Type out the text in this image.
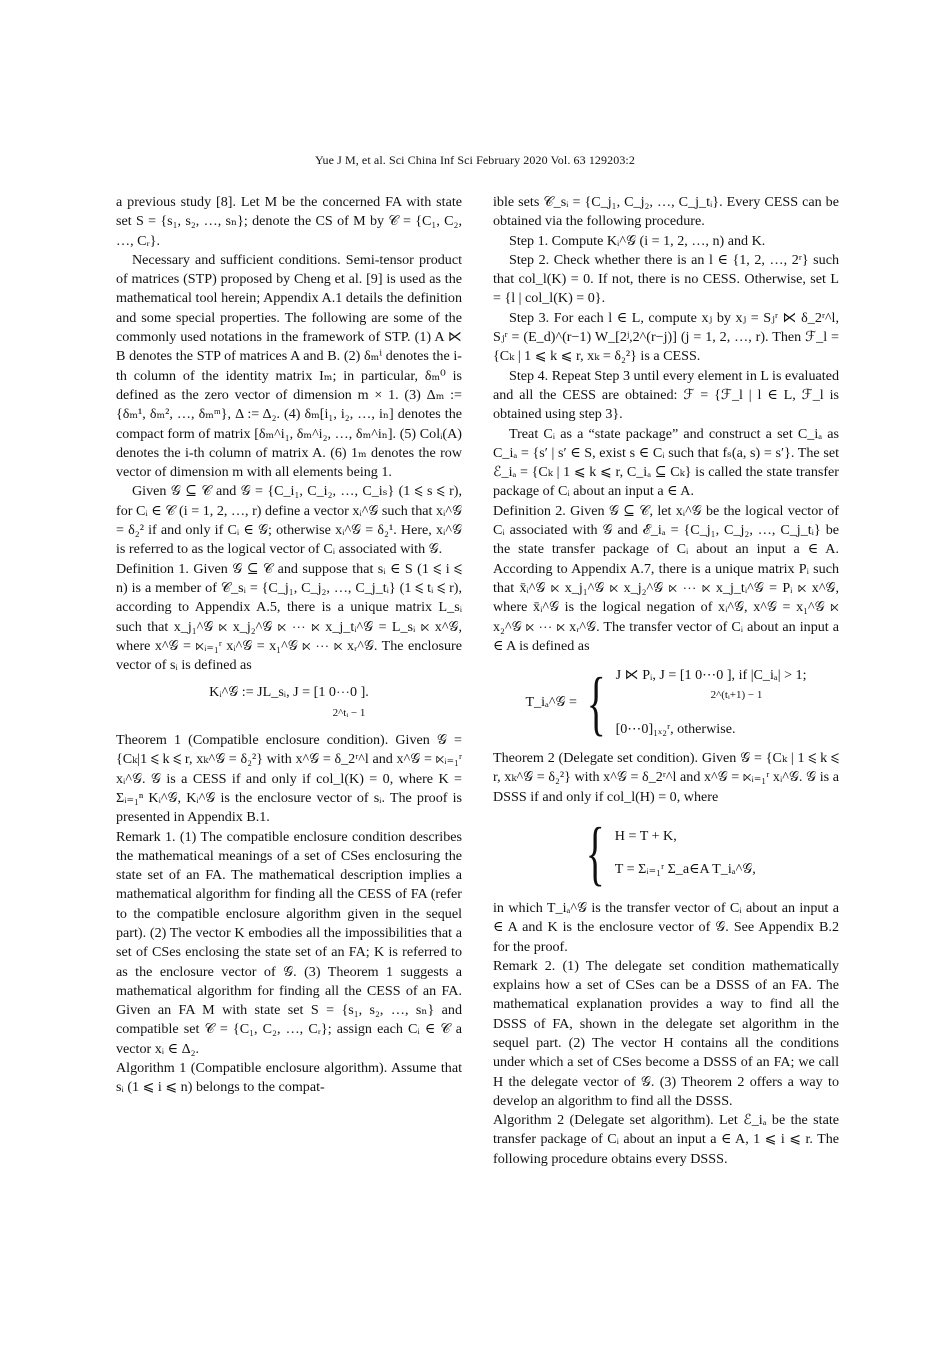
Yue J M, et al. Sci China Inf Sci February 2020 Vol. 63 129203:2

a previous study [8]. Let M be the concerned FA with state set S = {s₁, s₂, …, sₙ}; denote the CS of M by 𝒞 = {C₁, C₂, …, Cᵣ}.

Necessary and sufficient conditions. Semi-tensor product of matrices (STP) proposed by Cheng et al. [9] is used as the mathematical tool herein; Appendix A.1 details the definition and some special properties. The following are some of the commonly used notations in the framework of STP. (1) A ⋉ B denotes the STP of matrices A and B. (2) δₘⁱ denotes the i-th column of the identity matrix Iₘ; in particular, δₘ⁰ is defined as the zero vector of dimension m × 1. (3) Δₘ := {δₘ¹, δₘ², …, δₘᵐ}, Δ := Δ₂. (4) δₘ[i₁, i₂, …, iₙ] denotes the compact form of matrix [δₘ^i₁, δₘ^i₂, …, δₘ^iₙ]. (5) Colᵢ(A) denotes the i-th column of matrix A. (6) 1ₘ denotes the row vector of dimension m with all elements being 1.

Given 𝒢 ⊆ 𝒞 and 𝒢 = {C_i₁, C_i₂, …, C_iₛ} (1 ⩽ s ⩽ r), for Cᵢ ∈ 𝒞 (i = 1, 2, …, r) define a vector xᵢ^𝒢 such that xᵢ^𝒢 = δ₂² if and only if Cᵢ ∈ 𝒢; otherwise xᵢ^𝒢 = δ₂¹. Here, xᵢ^𝒢 is referred to as the logical vector of Cᵢ associated with 𝒢.

Definition 1. Given 𝒢 ⊆ 𝒞 and suppose that sᵢ ∈ S (1 ⩽ i ⩽ n) is a member of 𝒞_sᵢ = {C_j₁, C_j₂, …, C_j_tᵢ} (1 ⩽ tᵢ ⩽ r), according to Appendix A.5, there is a unique matrix L_sᵢ such that x_j₁^𝒢 ⋉ x_j₂^𝒢 ⋉ ⋯ ⋉ x_j_tᵢ^𝒢 = L_sᵢ ⋉ x^𝒢, where x^𝒢 = ⋉ᵢ₌₁ʳ xᵢ^𝒢 = x₁^𝒢 ⋉ ⋯ ⋉ xᵣ^𝒢. The enclosure vector of sᵢ is defined as

Kᵢ^𝒢 := JL_sᵢ, J = [1 0⋯0 ].
2^tᵢ − 1

Theorem 1 (Compatible enclosure condition). Given 𝒢 = {Cₖ|1 ⩽ k ⩽ r, xₖ^𝒢 = δ₂²} with x^𝒢 = δ_2ʳ^l and x^𝒢 = ⋉ᵢ₌₁ʳ xᵢ^𝒢. 𝒢 is a CESS if and only if col_l(K) = 0, where K = Σᵢ₌₁ⁿ Kᵢ^𝒢, Kᵢ^𝒢 is the enclosure vector of sᵢ. The proof is presented in Appendix B.1.

Remark 1. (1) The compatible enclosure condition describes the mathematical meanings of a set of CSes enclosuring the state set of an FA. The mathematical description implies a mathematical algorithm for finding all the CESS of FA (refer to the compatible enclosure algorithm given in the sequel part). (2) The vector K embodies all the impossibilities that a set of CSes enclosing the state set of an FA; K is referred to as the enclosure vector of 𝒢. (3) Theorem 1 suggests a mathematical algorithm for finding all the CESS of an FA. Given an FA M with state set S = {s₁, s₂, …, sₙ} and compatible set 𝒞 = {C₁, C₂, …, Cᵣ}; assign each Cᵢ ∈ 𝒞 a vector xᵢ ∈ Δ₂.

Algorithm 1 (Compatible enclosure algorithm). Assume that sᵢ (1 ⩽ i ⩽ n) belongs to the compat-

ible sets 𝒞_sᵢ = {C_j₁, C_j₂, …, C_j_tᵢ}. Every CESS can be obtained via the following procedure.

Step 1. Compute Kᵢ^𝒢 (i = 1, 2, …, n) and K.

Step 2. Check whether there is an l ∈ {1, 2, …, 2ʳ} such that col_l(K) = 0. If not, there is no CESS. Otherwise, set L = {l | col_l(K) = 0}.

Step 3. For each l ∈ L, compute xⱼ by xⱼ = Sⱼʳ ⋉ δ_2ʳ^l, Sⱼʳ = (E_d)^(r−1) W_[2ʲ,2^(r−j)] (j = 1, 2, …, r). Then ℱ_l = {Cₖ | 1 ⩽ k ⩽ r, xₖ = δ₂²} is a CESS.

Step 4. Repeat Step 3 until every element in L is evaluated and all the CESS are obtained: ℱ = {ℱ_l | l ∈ L, ℱ_l is obtained using step 3}.

Treat Cᵢ as a “state package” and construct a set C_iₐ as C_iₐ = {s′ | s′ ∈ S, exist s ∈ Cᵢ such that fₛ(a, s) = s′}. The set ℰ_iₐ = {Cₖ | 1 ⩽ k ⩽ r, C_iₐ ⊆ Cₖ} is called the state transfer package of Cᵢ about an input a ∈ A.

Definition 2. Given 𝒢 ⊆ 𝒞, let xᵢ^𝒢 be the logical vector of Cᵢ associated with 𝒢 and ℰ_iₐ = {C_j₁, C_j₂, …, C_j_tᵢ} be the state transfer package of Cᵢ about an input a ∈ A. According to Appendix A.7, there is a unique matrix Pᵢ such that x̄ᵢ^𝒢 ⋉ x_j₁^𝒢 ⋉ x_j₂^𝒢 ⋉ ⋯ ⋉ x_j_tᵢ^𝒢 = Pᵢ ⋉ x^𝒢, where x̄ᵢ^𝒢 is the logical negation of xᵢ^𝒢, x^𝒢 = x₁^𝒢 ⋉ x₂^𝒢 ⋉ ⋯ ⋉ xᵣ^𝒢. The transfer vector of Cᵢ about an input a ∈ A is defined as

T_iₐ^𝒢 = { J ⋉ Pᵢ, J = [1 0⋯0 ], if |C_iₐ| > 1;
2^(tᵢ+1) − 1
[0⋯0]₁ₓ₂ʳ, otherwise.

Theorem 2 (Delegate set condition). Given 𝒢 = {Cₖ | 1 ⩽ k ⩽ r, xₖ^𝒢 = δ₂²} with x^𝒢 = δ_2ʳ^l and x^𝒢 = ⋉ᵢ₌₁ʳ xᵢ^𝒢. 𝒢 is a DSSS if and only if col_l(H) = 0, where

{ H = T + K,
T = Σᵢ₌₁ʳ Σ_a∈A T_iₐ^𝒢,

in which T_iₐ^𝒢 is the transfer vector of Cᵢ about an input a ∈ A and K is the enclosure vector of 𝒢. See Appendix B.2 for the proof.

Remark 2. (1) The delegate set condition mathematically explains how a set of CSes can be a DSSS of an FA. The mathematical explanation provides a way to find all the DSSS of FA, shown in the delegate set algorithm in the sequel part. (2) The vector H contains all the conditions under which a set of CSes become a DSSS of an FA; we call H the delegate vector of 𝒢. (3) Theorem 2 offers a way to develop an algorithm to find all the DSSS.

Algorithm 2 (Delegate set algorithm). Let ℰ_iₐ be the state transfer package of Cᵢ about an input a ∈ A, 1 ⩽ i ⩽ r. The following procedure obtains every DSSS.
